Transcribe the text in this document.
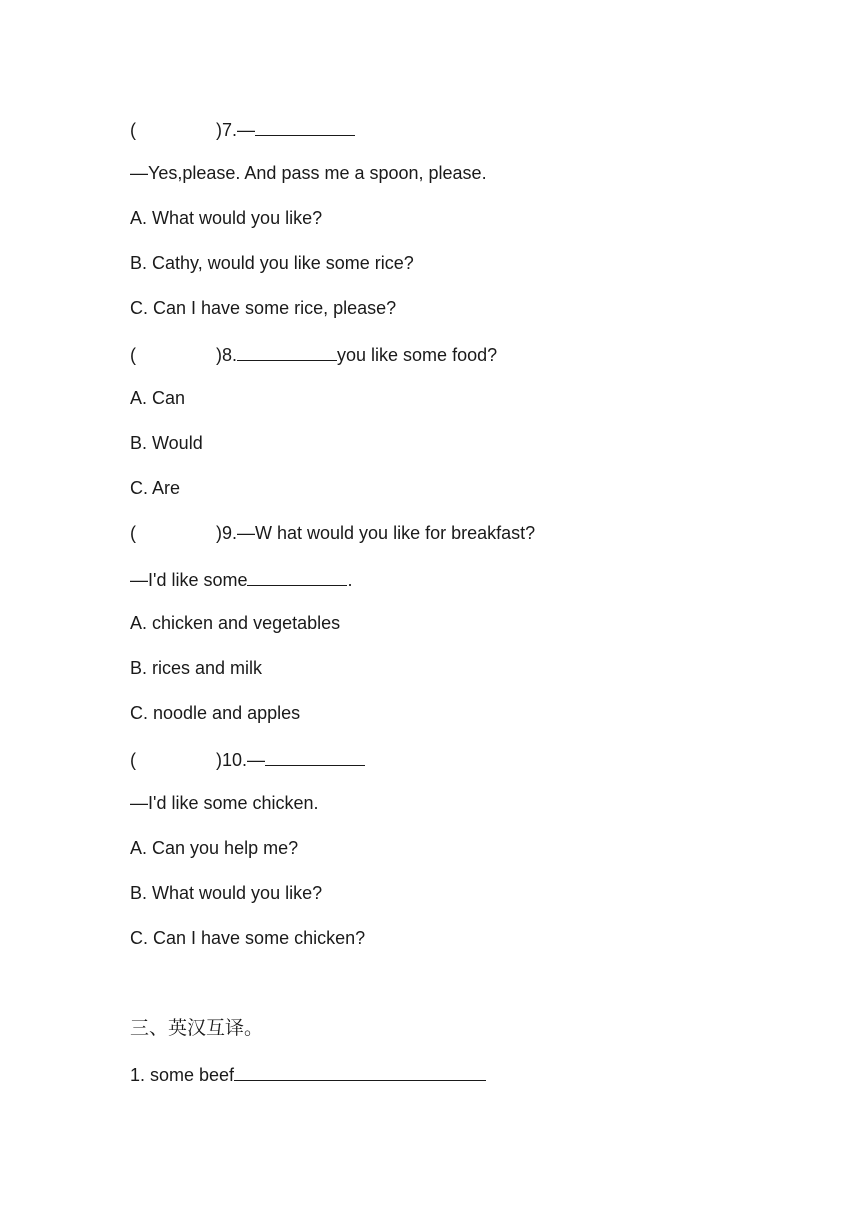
(	)7.—
—Yes,please. And pass me a spoon, please.
A. What would you like?
B. Cathy, would you like some rice?
C. Can I have some rice, please?
(	)8.	you like some food?
A. Can
B. Would
C. Are
(	)9.—W hat would you like for breakfast?
—I'd like some	.
A. chicken and vegetables
B. rices and milk
C. noodle and apples
(	)10.—
—I'd like some chicken.
A. Can you help me?
B. What would you like?
C. Can I have some chicken?
三、英汉互译。
1. some beef
